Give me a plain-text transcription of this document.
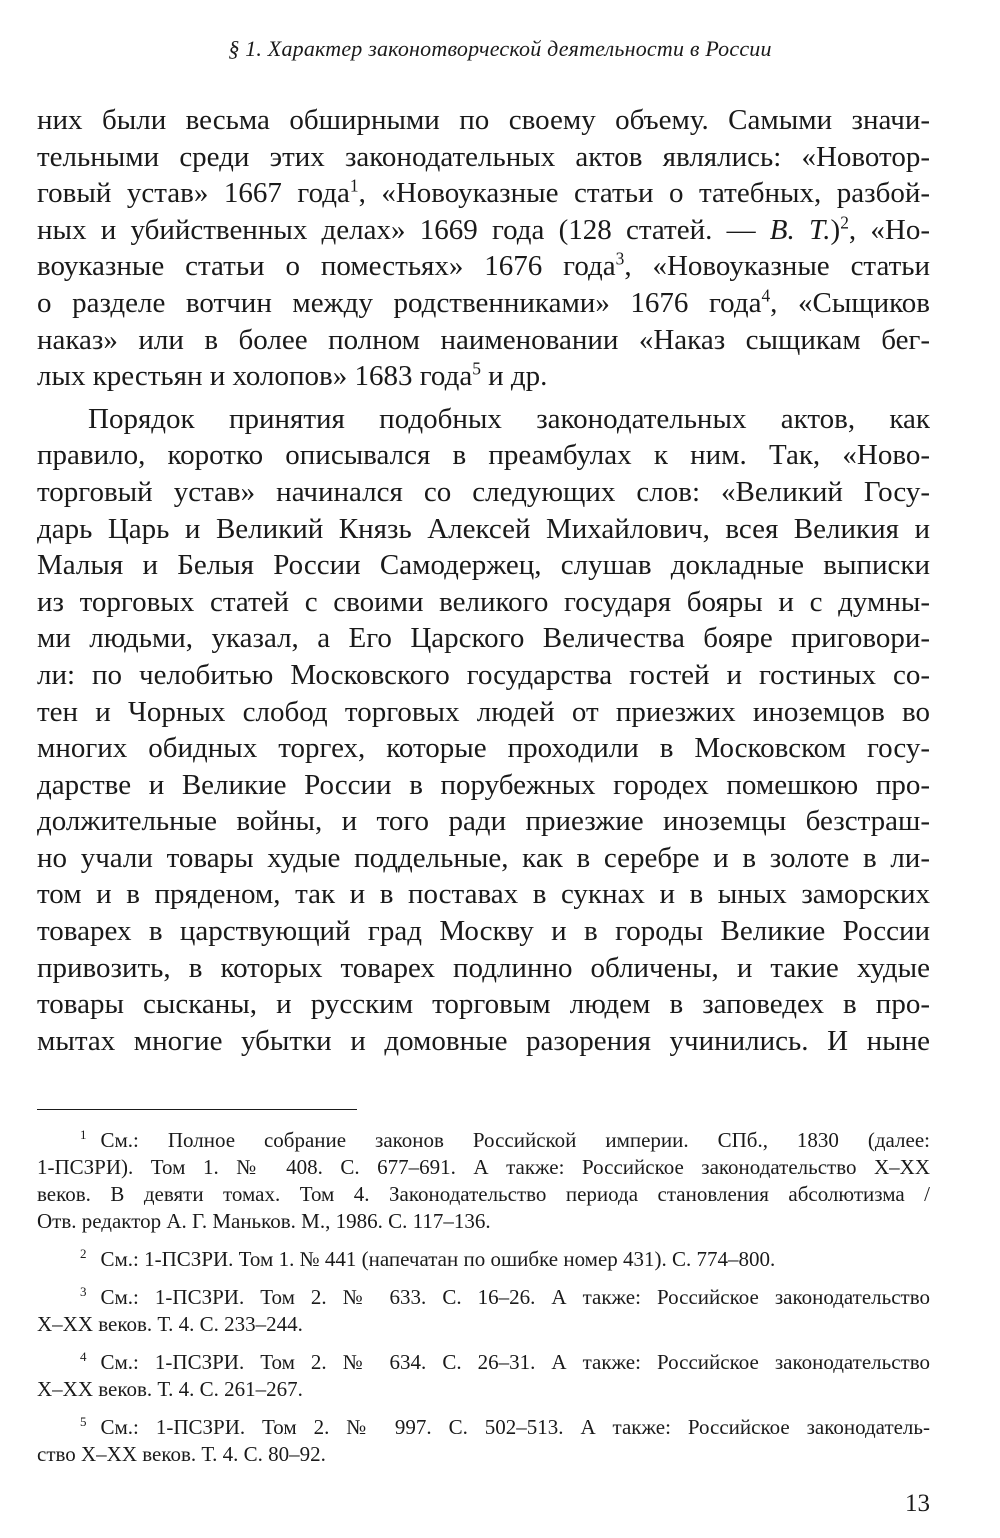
§ 1. Характер законотворческой деятельности в России
них были весьма обширными по своему объему. Самыми значи-
тельными среди этих законодательных актов являлись: «Новотор-
говый устав» 1667 года$^1$, «Новоуказные статьи о татебных, разбой-
ных и убийственных делах» 1669 года (128 статей. — В. Т.)$^2$, «Но-
воуказные статьи о поместьях» 1676 года$^3$, «Новоуказные статьи
о разделе вотчин между родственниками» 1676 года$^4$, «Сыщиков
наказ» или в более полном наименовании «Наказ сыщикам бег-
лых крестьян и холопов» 1683 года$^5$ и др.
Порядок принятия подобных законодательных актов, как
правило, коротко описывался в преамбулах к ним. Так, «Ново-
торговый устав» начинался со следующих слов: «Великий Госу-
дарь Царь и Великий Князь Алексей Михайлович, всея Великия и
Малыя и Белыя России Самодержец, слушав докладные выписки
из торговых статей с своими великого государя бояры и с думны-
ми людьми, указал, а Его Царского Величества бояре приговори-
ли: по челобитью Московского государства гостей и гостиных со-
тен и Чорных слобод торговых людей от приезжих иноземцов во
многих обидных торгех, которые проходили в Московском госу-
дарстве и Великие России в порубежных городех помешкою про-
должительные войны, и того ради приезжие иноземцы безстраш-
но учали товары худые поддельные, как в серебре и в золоте в ли-
том и в пряденом, так и в поставах в сукнах и в ыных заморских
товарех в царствующий град Москву и в городы Великие России
привозить, в которых товарех подлинно обличены, и такие худые
товары сысканы, и русским торговым людем в заповедех в про-
мытах многие убытки и домовные разорения учинились. И ныне
$^1$ См.: Полное собрание законов Российской империи. СПб., 1830 (далее:
1-ПСЗРИ). Том 1. № 408. С. 677–691. А также: Российское законодательство X–XX
веков. В девяти томах. Том 4. Законодательство периода становления абсолютизма /
Отв. редактор А. Г. Маньков. М., 1986. С. 117–136.
$^2$ См.: 1-ПСЗРИ. Том 1. № 441 (напечатан по ошибке номер 431). С. 774–800.
$^3$ См.: 1-ПСЗРИ. Том 2. № 633. С. 16–26. А также: Российское законодательство
X–XX веков. Т. 4. С. 233–244.
$^4$ См.: 1-ПСЗРИ. Том 2. № 634. С. 26–31. А также: Российское законодательство
X–XX веков. Т. 4. С. 261–267.
$^5$ См.: 1-ПСЗРИ. Том 2. № 997. С. 502–513. А также: Российское законодатель-
ство X–XX веков. Т. 4. С. 80–92.
13
